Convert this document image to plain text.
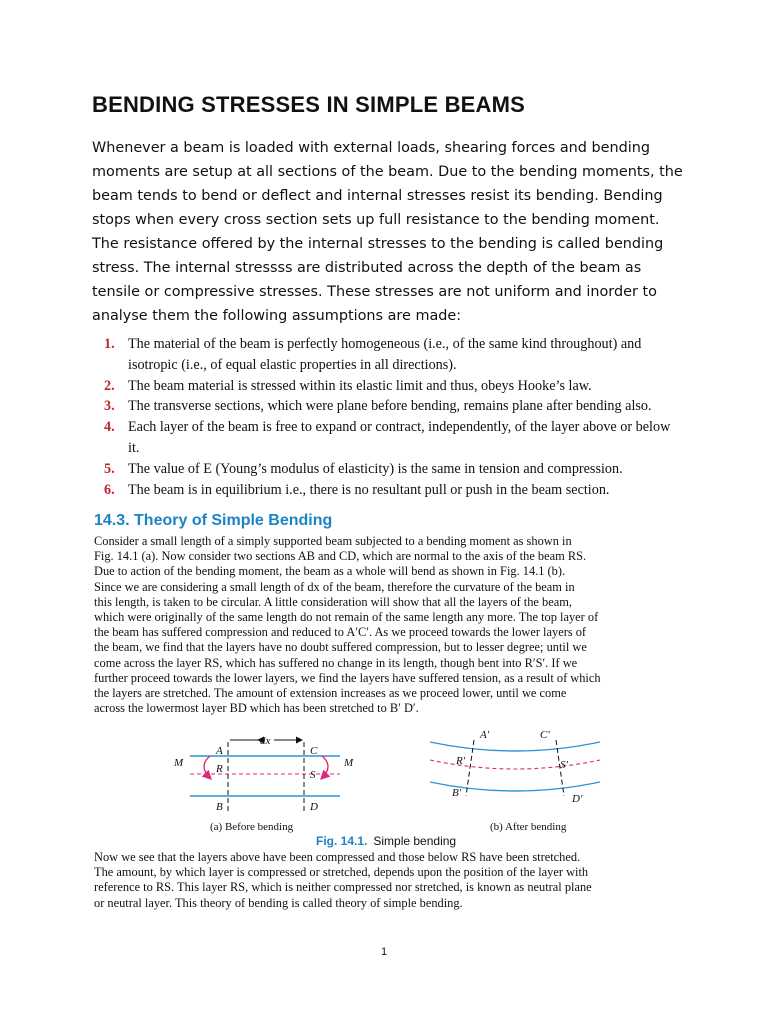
BENDING STRESSES IN SIMPLE BEAMS
Whenever a beam is loaded with external loads, shearing forces and bending
moments are setup at all sections of the beam. Due to the bending moments, the
beam tends to bend or deflect and internal stresses resist its bending. Bending
stops when every cross section sets up full resistance to the bending moment.
The resistance offered by the internal stresses to the bending is called bending
stress. The internal stressss are distributed across the depth of the beam as
tensile or compressive stresses. These stresses are not uniform and inorder to
analyse them the following assumptions are made:
1. The material of the beam is perfectly homogeneous (i.e., of the same kind throughout) and
isotropic (i.e., of equal elastic properties in all directions).
2. The beam material is stressed within its elastic limit and thus, obeys Hooke’s law.
3. The transverse sections, which were plane before bending, remains plane after bending also.
4. Each layer of the beam is free to expand or contract, independently, of the layer above or below it.
5. The value of E (Young’s modulus of elasticity) is the same in tension and compression.
6. The beam is in equilibrium i.e., there is no resultant pull or push in the beam section.
14.3. Theory of Simple Bending
Consider a small length of a simply supported beam subjected to a bending moment as shown in
Fig. 14.1 (a). Now consider two sections AB and CD, which are normal to the axis of the beam RS.
Due to action of the bending moment, the beam as a whole will bend as shown in Fig. 14.1 (b).
Since we are considering a small length of dx of the beam, therefore the curvature of the beam in
this length, is taken to be circular. A little consideration will show that all the layers of the beam,
which were originally of the same length do not remain of the same length any more. The top layer of
the beam has suffered compression and reduced to A′C′. As we proceed towards the lower layers of
the beam, we find that the layers have no doubt suffered compression, but to lesser degree; until we
come across the layer RS, which has suffered no change in its length, though bent into R′S′. If we
further proceed towards the lower layers, we find the layers have suffered tension, as a result of which
the layers are stretched. The amount of extension increases as we proceed lower, until we come
across the lowermost layer BD which has been stretched to B′ D′.
dx
M	M
A	C
R	S
B	D
(a) Before bending
A′	C′
R′	S′
B′	D′
(b) After bending
Fig. 14.1. Simple bending
Now we see that the layers above have been compressed and those below RS have been stretched.
The amount, by which layer is compressed or stretched, depends upon the position of the layer with
reference to RS. This layer RS, which is neither compressed nor stretched, is known as neutral plane
or neutral layer. This theory of bending is called theory of simple bending.
1
